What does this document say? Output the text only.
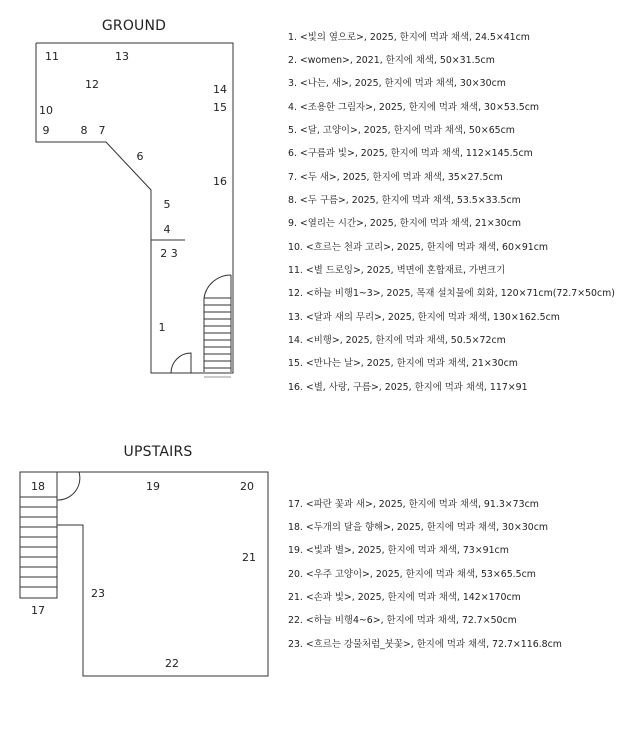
GROUND
11	13
12	14
15
10
9	8 7
6
16
5
4
2 3
1
UPSTAIRS
18	19	20
21
23
17
22
1. <빛의 옆으로>, 2025, 한지에 먹과 채색, 24.5×41cm
2. <women>, 2021, 한지에 채색, 50×31.5cm
3. <나는, 새>, 2025, 한지에 먹과 채색, 30×30cm
4. <조용한 그림자>, 2025, 한지에 먹과 채색, 30×53.5cm
5. <달, 고양이>, 2025, 한지에 먹과 채색, 50×65cm
6. <구름과 빛>, 2025, 한지에 먹과 채색, 112×145.5cm
7. <두 새>, 2025, 한지에 먹과 채색, 35×27.5cm
8. <두 구름>, 2025, 한지에 먹과 채색, 53.5×33.5cm
9. <열리는 시간>, 2025, 한지에 먹과 채색, 21×30cm
10. <흐르는 천과 고리>, 2025, 한지에 먹과 채색, 60×91cm
11. <별 드로잉>, 2025, 벽면에 혼합재료, 가변크기
12. <하늘 비행1~3>, 2025, 목재 설치물에 회화, 120×71cm(72.7×50cm)
13. <달과 새의 무리>, 2025, 한지에 먹과 채색, 130×162.5cm
14. <비행>, 2025, 한지에 먹과 채색, 50.5×72cm
15. <만나는 날>, 2025, 한지에 먹과 채색, 21×30cm
16. <별, 사랑, 구름>, 2025, 한지에 먹과 채색, 117×91
17. <파란 꽃과 새>, 2025, 한지에 먹과 채색, 91.3×73cm
18. <두개의 달을 향해>, 2025, 한지에 먹과 채색, 30×30cm
19. <빛과 별>, 2025, 한지에 먹과 채색, 73×91cm
20. <우주 고양이>, 2025, 한지에 먹과 채색, 53×65.5cm
21. <손과 빛>, 2025, 한지에 먹과 채색, 142×170cm
22. <하늘 비행4~6>, 한지에 먹과 채색, 72.7×50cm
23. <흐르는 강물처럼_붓꽃>, 한지에 먹과 채색, 72.7×116.8cm
